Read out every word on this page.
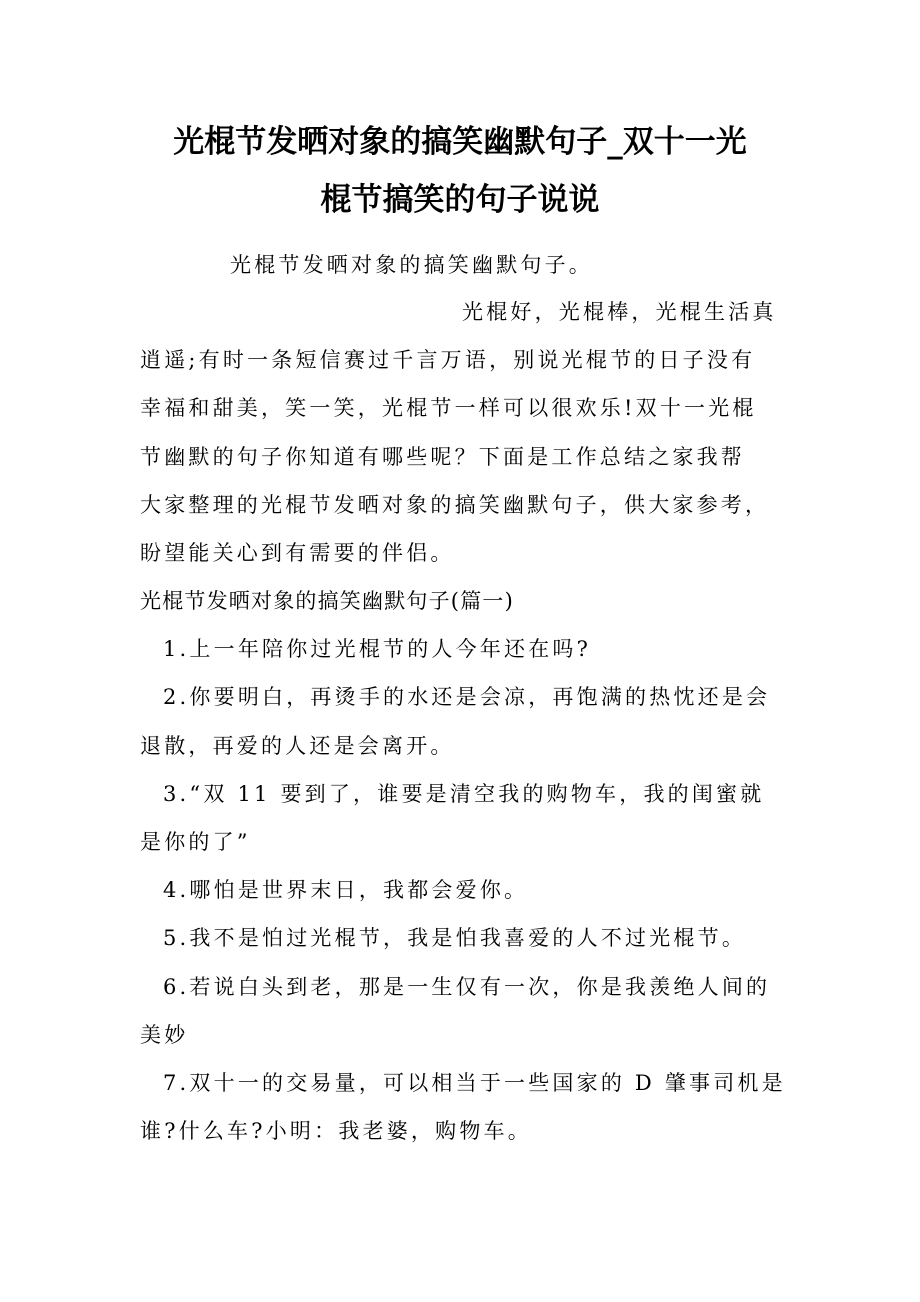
光棍节发晒对象的搞笑幽默句子_双十一光
棍节搞笑的句子说说
光棍节发晒对象的搞笑幽默句子。
光棍好，光棍棒，光棍生活真
逍遥;有时一条短信赛过千言万语，别说光棍节的日子没有
幸福和甜美，笑一笑，光棍节一样可以很欢乐!双十一光棍
节幽默的句子你知道有哪些呢？下面是工作总结之家我帮
大家整理的光棍节发晒对象的搞笑幽默句子，供大家参考，
盼望能关心到有需要的伴侣。
光棍节发晒对象的搞笑幽默句子(篇一)
1.上一年陪你过光棍节的人今年还在吗?
2.你要明白，再烫手的水还是会凉，再饱满的热忱还是会
退散，再爱的人还是会离开。
3.“双 11 要到了，谁要是清空我的购物车，我的闺蜜就
是你的了”
4.哪怕是世界末日，我都会爱你。
5.我不是怕过光棍节，我是怕我喜爱的人不过光棍节。
6.若说白头到老，那是一生仅有一次，你是我羡绝人间的
美妙
7.双十一的交易量，可以相当于一些国家的 D 肇事司机是
谁?什么车?小明：我老婆，购物车。
